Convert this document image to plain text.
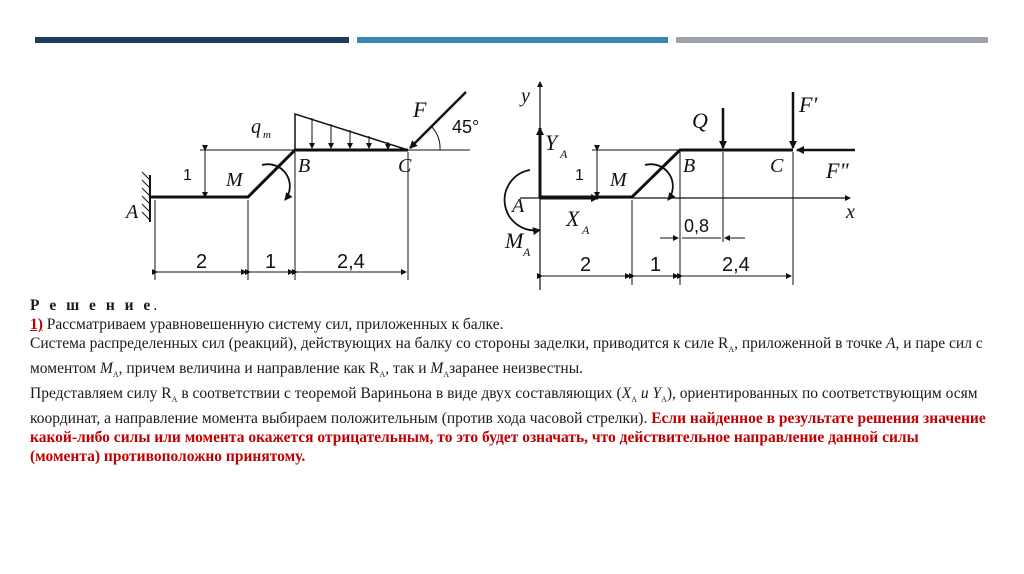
q m
F
45°
B	C
M
A
1
2	1	2,4
y
x
Y A
X A
M A
A
M
B	C
Q
F'
F"
1
0,8
2	1	2,4

Р е ш е н и е.

1) Рассматриваем уравновешенную систему сил, приложенных к балке.

Система распределенных сил (реакций), действующих на балку со стороны заделки, приводится к силе $R_A$, приложенной в точке A, и паре сил с моментом $M_A$, причем величина и направление как $R_A$, так и $M_Aзаранее$ неизвестны.

Представляем силу $R_A$ в соответствии с теоремой Вариньона в виде двух составляющих ($X_A$ и $Y_A$), ориентированных по соответствующим осям координат, а направление момента выбираем положительным (против хода часовой стрелки). Если найденное в результате решения значение какой-либо силы или момента окажется отрицательным, то это будет означать, что действительное направление данной силы (момента) противоположно принятому.
